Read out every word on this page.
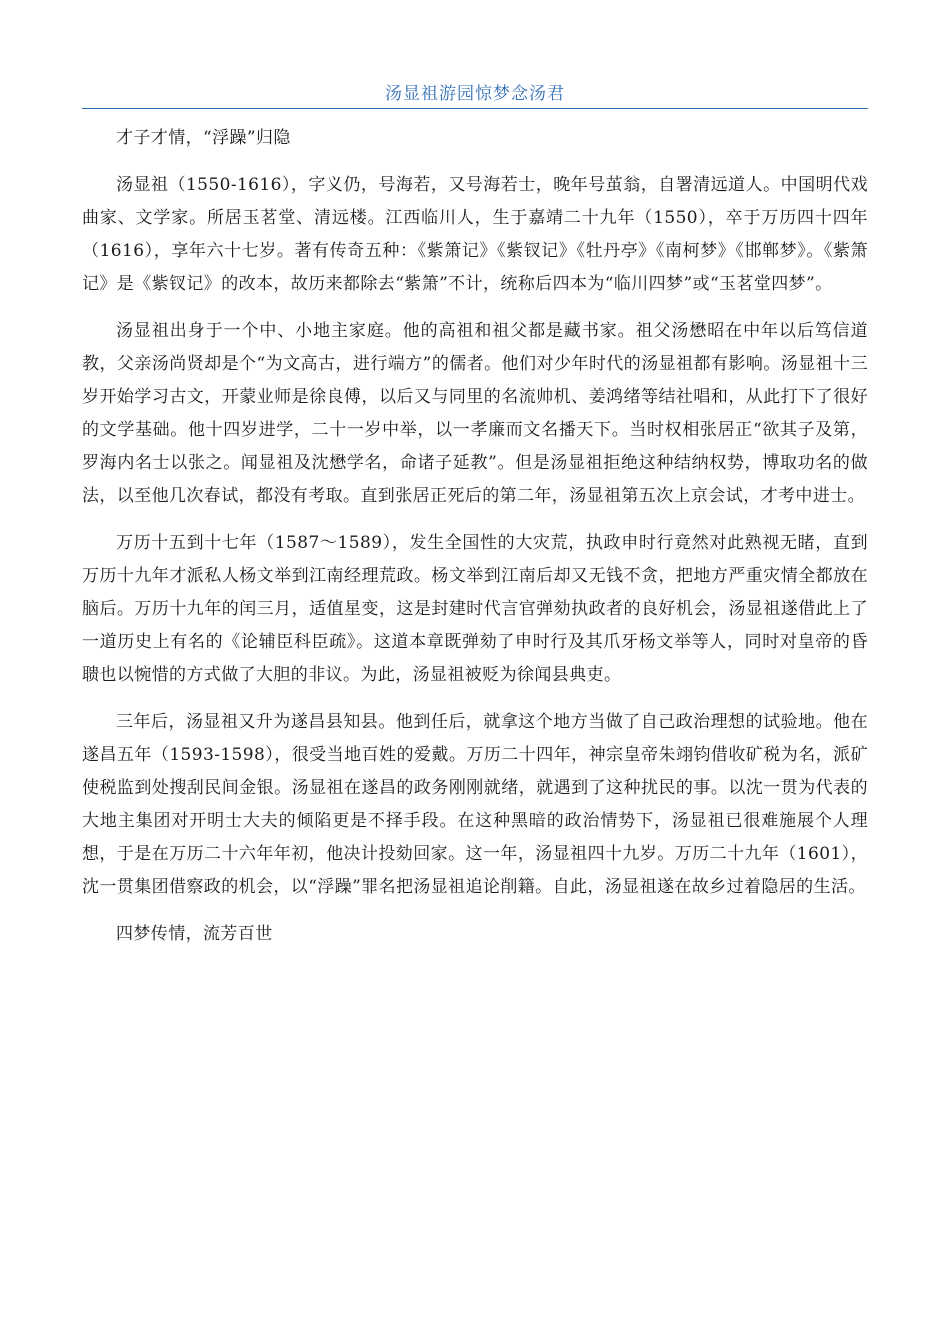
汤显祖游园惊梦念汤君

才子才情，“浮躁”归隐

汤显祖（1550-1616），字义仍，号海若，又号海若士，晚年号茧翁，自署清远道人。中国明代戏曲家、文学家。所居玉茗堂、清远楼。江西临川人，生于嘉靖二十九年（1550），卒于万历四十四年（1616），享年六十七岁。著有传奇五种：《紫箫记》《紫钗记》《牡丹亭》《南柯梦》《邯郸梦》。《紫箫记》是《紫钗记》的改本，故历来都除去“紫箫”不计，统称后四本为“临川四梦”或“玉茗堂四梦”。

汤显祖出身于一个中、小地主家庭。他的高祖和祖父都是藏书家。祖父汤懋昭在中年以后笃信道教，父亲汤尚贤却是个“为文高古，进行端方”的儒者。他们对少年时代的汤显祖都有影响。汤显祖十三岁开始学习古文，开蒙业师是徐良傅，以后又与同里的名流帅机、姜鸿绪等结社唱和，从此打下了很好的文学基础。他十四岁进学，二十一岁中举，以一孝廉而文名播天下。当时权相张居正“欲其子及第，罗海内名士以张之。闻显祖及沈懋学名，命诸子延教”。但是汤显祖拒绝这种结纳权势，博取功名的做法，以至他几次春试，都没有考取。直到张居正死后的第二年，汤显祖第五次上京会试，才考中进士。

万历十五到十七年（1587～1589），发生全国性的大灾荒，执政申时行竟然对此熟视无睹，直到万历十九年才派私人杨文举到江南经理荒政。杨文举到江南后却又无钱不贪，把地方严重灾情全都放在脑后。万历十九年的闰三月，适值星变，这是封建时代言官弹劾执政者的良好机会，汤显祖遂借此上了一道历史上有名的《论辅臣科臣疏》。这道本章既弹劾了申时行及其爪牙杨文举等人，同时对皇帝的昏聩也以惋惜的方式做了大胆的非议。为此，汤显祖被贬为徐闻县典吏。

三年后，汤显祖又升为遂昌县知县。他到任后，就拿这个地方当做了自己政治理想的试验地。他在遂昌五年（1593-1598），很受当地百姓的爱戴。万历二十四年，神宗皇帝朱翊钧借收矿税为名，派矿使税监到处搜刮民间金银。汤显祖在遂昌的政务刚刚就绪，就遇到了这种扰民的事。以沈一贯为代表的大地主集团对开明士大夫的倾陷更是不择手段。在这种黑暗的政治情势下，汤显祖已很难施展个人理想，于是在万历二十六年年初，他决计投劾回家。这一年，汤显祖四十九岁。万历二十九年（1601），沈一贯集团借察政的机会，以“浮躁”罪名把汤显祖追论削籍。自此，汤显祖遂在故乡过着隐居的生活。

四梦传情，流芳百世
